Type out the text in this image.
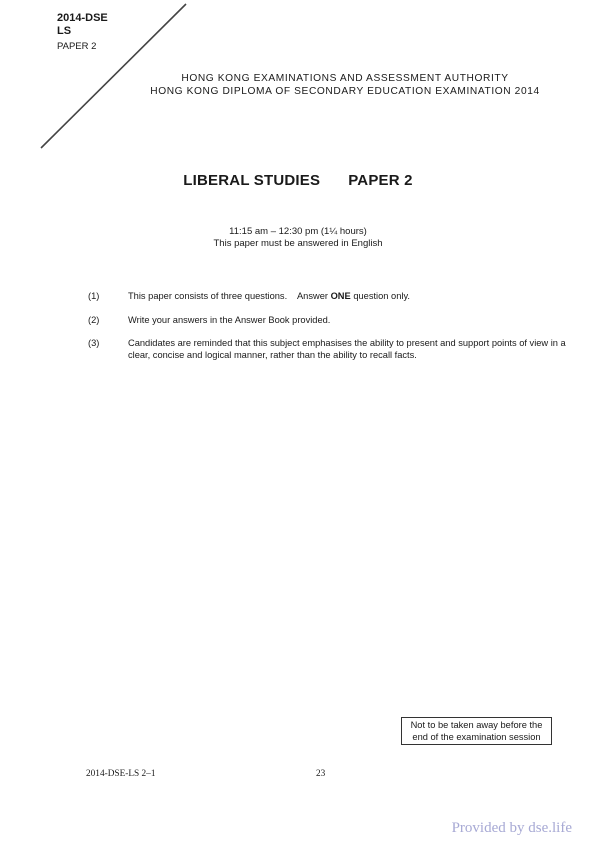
2014-DSE
LS
PAPER 2
HONG KONG EXAMINATIONS AND ASSESSMENT AUTHORITY
HONG KONG DIPLOMA OF SECONDARY EDUCATION EXAMINATION 2014
LIBERAL STUDIES PAPER 2
11:15 am – 12:30 pm (1¼ hours)
This paper must be answered in English
(1)	This paper consists of three questions.    Answer ONE question only.
(2)	Write your answers in the Answer Book provided.
(3)	Candidates are reminded that this subject emphasises the ability to present and support points of view in a clear, concise and logical manner, rather than the ability to recall facts.
Not to be taken away before the
end of the examination session
2014-DSE-LS 2–1	23
Provided by dse.life
